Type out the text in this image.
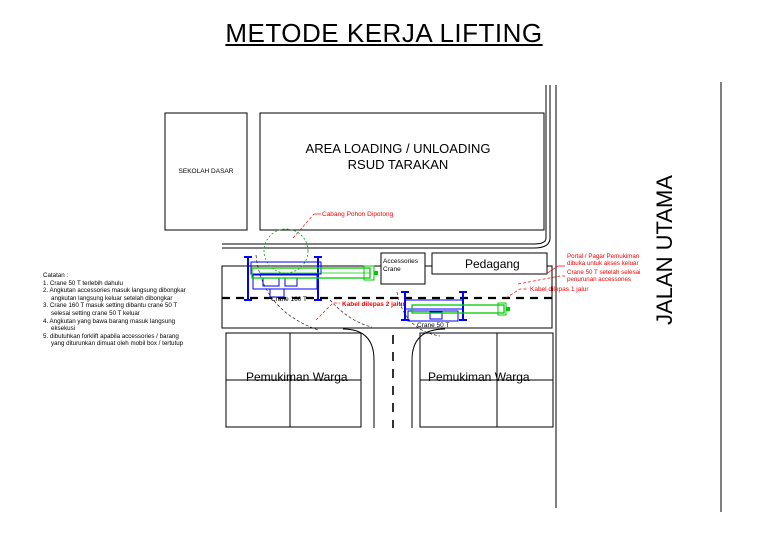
METODE KERJA LIFTING
SEKOLAH DASAR
AREA LOADING / UNLOADING
RSUD TARAKAN
Pedagang
Accessories
Crane
Pemukiman Warga	Pemukiman Warga
Crane 160 T
Crane 50 T
JALAN UTAMA
Cabang Pohon Dipotong
Kabel dilepas 2 jalur
Kabel dilepas 1 jalur
Portal / Pagar Pemukiman
dibuka untuk akses keluar
Crane 50 T setelah selesai
penurunan accessories
Catatan :
1. Crane 50 T terlebih dahulu
2. Angkutan accessories masuk langsung dibongkar
angkutan langsung keluar setelah dibongkar
3. Crane 160 T masuk setting dibantu crane 50 T
selesai setting crane 50 T keluar
4. Angkutan yang bawa barang masuk langsung
eksekusi
5. dibutuhkan forklift apabila accessories / barang
yang diturunkan dimuat oleh mobil box / tertutup
